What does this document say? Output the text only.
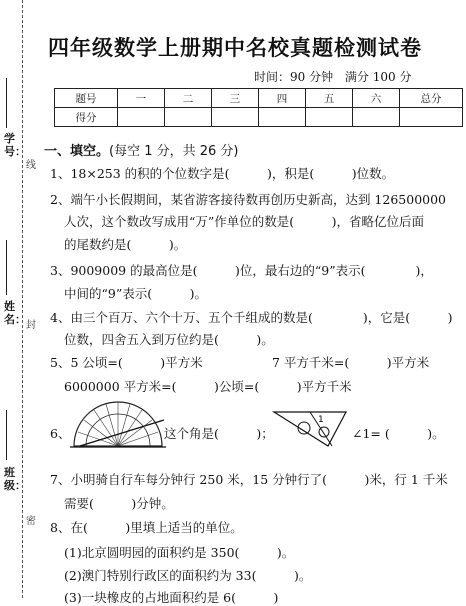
学号：
姓名：
班级：
线
封
密
四年级数学上册期中名校真题检测试卷
时间：90 分钟 满分 100 分
题号	一	二	三	四	五	六	总分
得分							
一、填空。(每空 1 分，共 26 分)
1、18×253 的积的个位数字是(　　　)，积是(　　　)位数。
2、端午小长假期间，某省游客接待数再创历史新高，达到 126500000
人次，这个数改写成用“万”作单位的数是(　　　)，省略亿位后面
的尾数约是(　　　)。
3、9009009 的最高位是(　　　)位，最右边的“9”表示(　　　　)，
中间的“9”表示(　　　)。
4、由三个百万、六个十万、五个千组成的数是(　　　　)，它是(　　　)
位数，四舍五入到万位约是(　　　)。
5、5 公顷=(　　　)平方米	7 平方千米=(　　　)平方米
6000000 平方米=(　　　)公顷=(　　　)平方千米
6、	这个角是(　　　)；
1
∠1= (　　　)。
7、小明骑自行车每分钟行 250 米，15 分钟行了(　　　)米，行 1 千米
需要(　　　)分钟。
8、在(　　　)里填上适当的单位。
(1)北京圆明园的面积约是 350(　　　)。
(2)澳门特别行政区的面积约为 33(　　　)。
(3)一块橡皮的占地面积约是 6(　　　)
